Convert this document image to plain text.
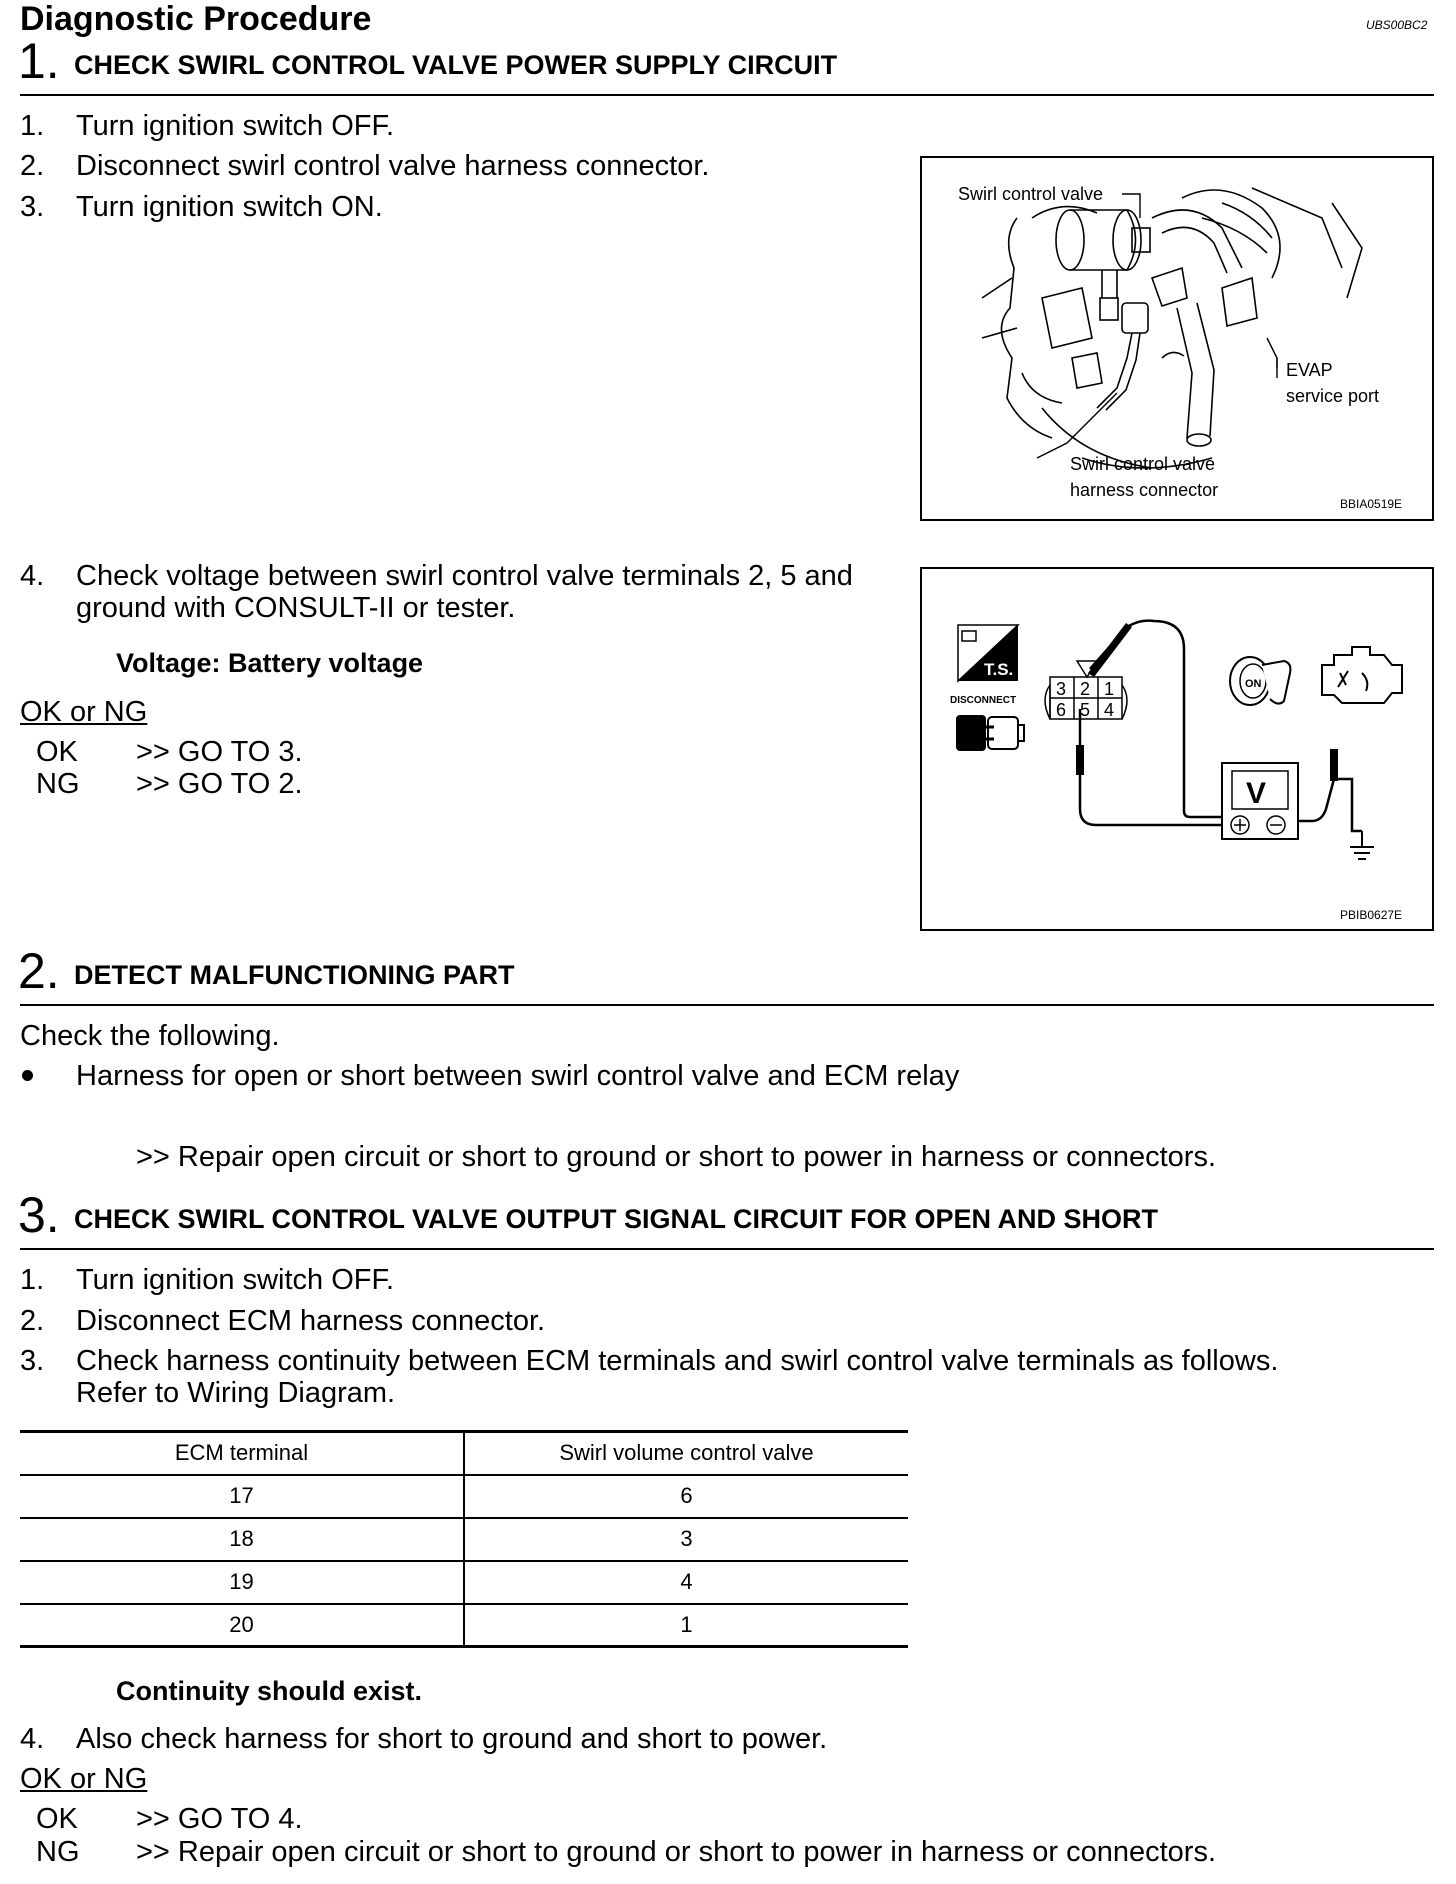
Diagnostic Procedure	UBS00BC2
1. CHECK SWIRL CONTROL VALVE POWER SUPPLY CIRCUIT
1. Turn ignition switch OFF.
2. Disconnect swirl control valve harness connector.
3. Turn ignition switch ON.	Swirl control valve
EVAP
service port
Swirl control valve
harness connector
BBIA0519E
4. Check voltage between swirl control valve terminals 2, 5 and
ground with CONSULT-II or tester.
Voltage: Battery voltage
OK or NG
OK >> GO TO 3.
NG >> GO TO 2.
T.S.
DISCONNECT
3 2 1
6 5 4
V
ON
PBIB0627E
2. DETECT MALFUNCTIONING PART
Check the following.
Harness for open or short between swirl control valve and ECM relay
>> Repair open circuit or short to ground or short to power in harness or connectors.
3. CHECK SWIRL CONTROL VALVE OUTPUT SIGNAL CIRCUIT FOR OPEN AND SHORT
1. Turn ignition switch OFF.
2. Disconnect ECM harness connector.
3. Check harness continuity between ECM terminals and swirl control valve terminals as follows.
Refer to Wiring Diagram.
ECM terminal	Swirl volume control valve
17	6
18	3
19	4
20	1
Continuity should exist.
4. Also check harness for short to ground and short to power.
OK or NG
OK >> GO TO 4.
NG >> Repair open circuit or short to ground or short to power in harness or connectors.
